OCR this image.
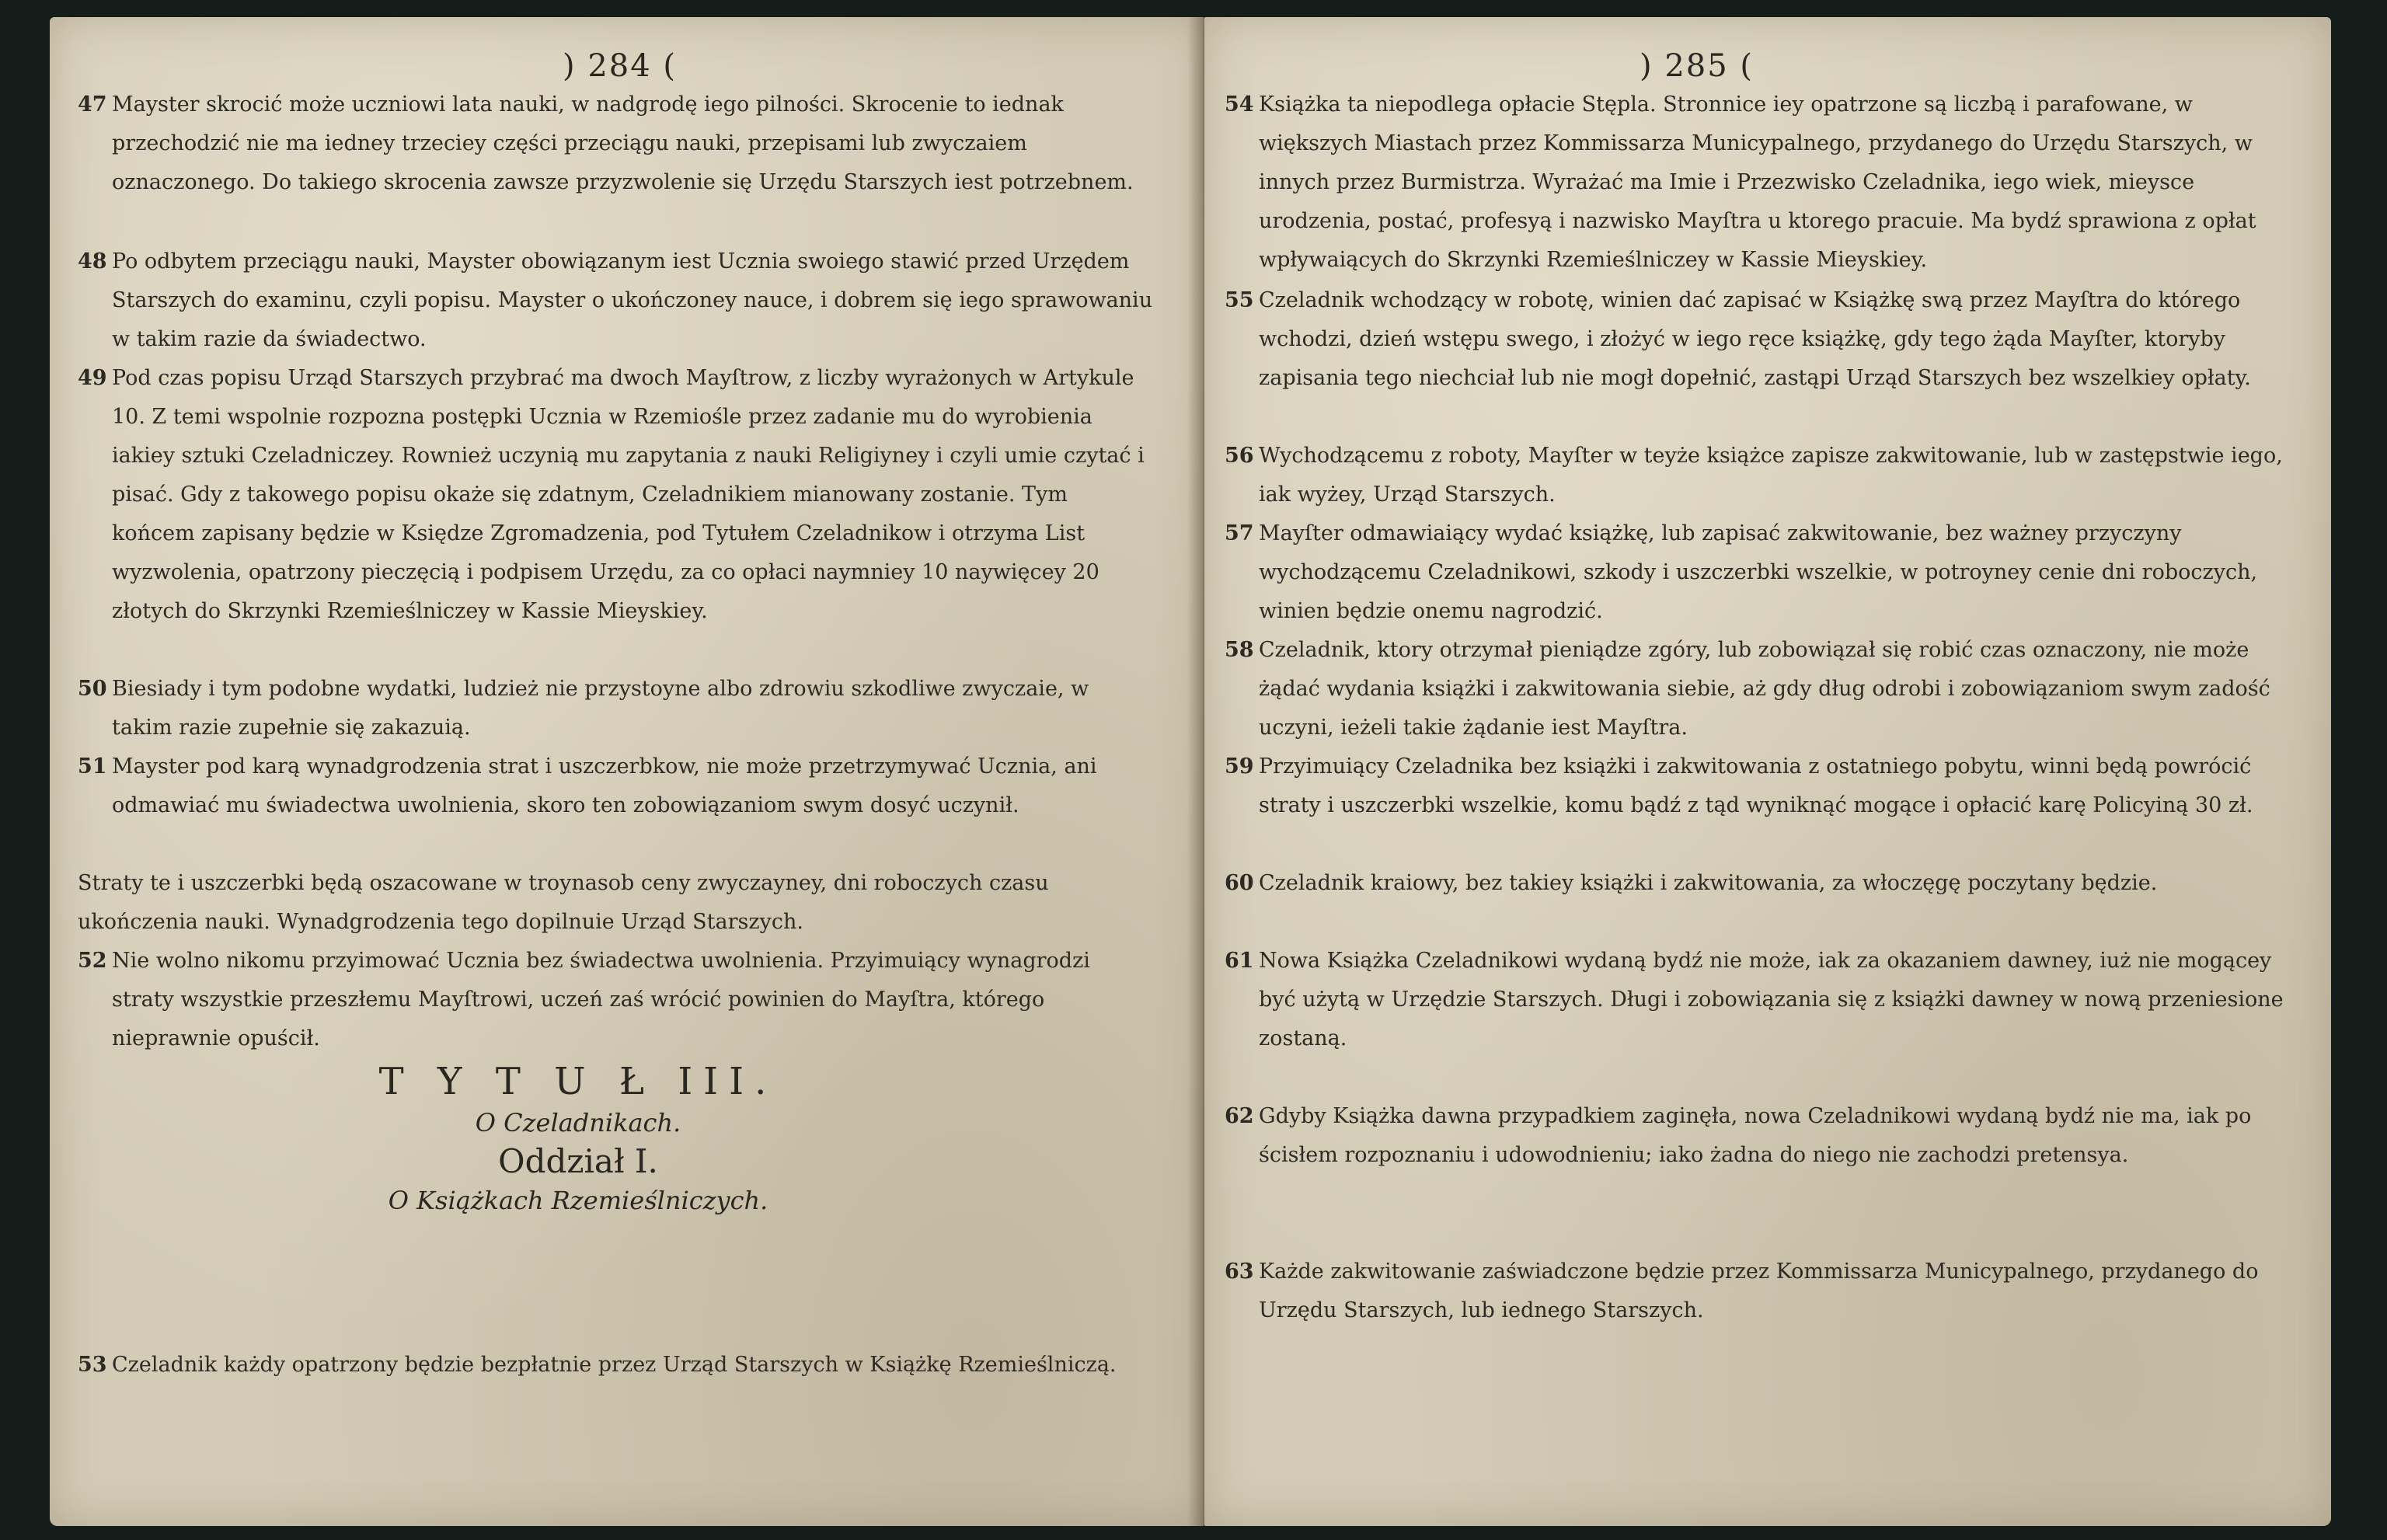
) 284 (
47 Mayster skrocić może uczniowi lata nauki, w nadgrodę iego pilności. Skrocenie to iednak przechodzić nie ma iedney trzeciey części przeciągu nauki, przepisami lub zwyczaiem oznaczonego. Do takiego skrocenia zawsze przyzwolenie się Urzędu Starszych iest potrzebnem.
48 Po odbytem przeciągu nauki, Mayster obowiązanym iest Ucznia swoiego stawić przed Urzędem Starszych do examinu, czyli popisu. Mayster o ukończoney nauce, i dobrem się iego sprawowaniu w takim razie da świadectwo.
49 Pod czas popisu Urząd Starszych przybrać ma dwoch Mayſtrow, z liczby wyrażonych w Artykule 10. Z temi wspolnie rozpozna postępki Ucznia w Rzemiośle przez zadanie mu do wyrobienia iakiey sztuki Czeladniczey. Rownież uczynią mu zapytania z nauki Religiyney i czyli umie czytać i pisać. Gdy z takowego popisu okaże się zdatnym, Czeladnikiem mianowany zostanie. Tym końcem zapisany będzie w Księdze Zgromadzenia, pod Tytułem Czeladnikow i otrzyma List wyzwolenia, opatrzony pieczęcią i podpisem Urzędu, za co opłaci naymniey 10 naywięcey 20 złotych do Skrzynki Rzemieślniczey w Kassie Mieyskiey.
50 Biesiady i tym podobne wydatki, ludzież nie przystoyne albo zdrowiu szkodliwe zwyczaie, w takim razie zupełnie się zakazuią.
51 Mayster pod karą wynadgrodzenia strat i uszczerbkow, nie może przetrzymywać Ucznia, ani odmawiać mu świadectwa uwolnienia, skoro ten zobowiązaniom swym dosyć uczynił.
Straty te i uszczerbki będą oszacowane w troynasob ceny zwyczayney, dni roboczych czasu ukończenia nauki. Wynadgrodzenia tego dopilnuie Urząd Starszych.
52 Nie wolno nikomu przyimować Ucznia bez świadectwa uwolnienia. Przyimuiący wynagrodzi straty wszystkie przeszłemu Mayſtrowi, uczeń zaś wrócić powinien do Mayſtra, którego nieprawnie opuścił.
T Y T U Ł III.
O Czeladnikach.
Oddział I.
O Książkach Rzemieślniczych.
53 Czeladnik każdy opatrzony będzie bezpłatnie przez Urząd Starszych w Książkę Rzemieślniczą.
) 285 (
54 Książka ta niepodlega opłacie Stępla. Stronnice iey opatrzone są liczbą i parafowane, w większych Miastach przez Kommissarza Municypalnego, przydanego do Urzędu Starszych, w innych przez Burmistrza. Wyrażać ma Imie i Przezwisko Czeladnika, iego wiek, mieysce urodzenia, postać, profesyą i nazwisko Mayſtra u ktorego pracuie. Ma bydź sprawiona z opłat wpływaiących do Skrzynki Rzemieślniczey w Kassie Mieyskiey.
55 Czeladnik wchodzący w robotę, winien dać zapisać w Książkę swą przez Mayſtra do którego wchodzi, dzień wstępu swego, i złożyć w iego ręce książkę, gdy tego żąda Mayſter, ktoryby zapisania tego niechciał lub nie mogł dopełnić, zastąpi Urząd Starszych bez wszelkiey opłaty.
56 Wychodzącemu z roboty, Mayſter w teyże książce zapisze zakwitowanie, lub w zastępstwie iego, iak wyżey, Urząd Starszych.
57 Mayſter odmawiaiący wydać książkę, lub zapisać zakwitowanie, bez ważney przyczyny wychodzącemu Czeladnikowi, szkody i uszczerbki wszelkie, w potroyney cenie dni roboczych, winien będzie onemu nagrodzić.
58 Czeladnik, ktory otrzymał pieniądze zgóry, lub zobowiązał się robić czas oznaczony, nie może żądać wydania książki i zakwitowania siebie, aż gdy dług odrobi i zobowiązaniom swym zadość uczyni, ieżeli takie żądanie iest Mayſtra.
59 Przyimuiący Czeladnika bez książki i zakwitowania z ostatniego pobytu, winni będą powrócić straty i uszczerbki wszelkie, komu bądź z tąd wyniknąć mogące i opłacić karę Policyiną 30 zł.
60 Czeladnik kraiowy, bez takiey książki i zakwitowania, za włoczęgę poczytany będzie.
61 Nowa Książka Czeladnikowi wydaną bydź nie może, iak za okazaniem dawney, iuż nie mogącey być użytą w Urzędzie Starszych. Długi i zobowiązania się z książki dawney w nową przeniesione zostaną.
62 Gdyby Książka dawna przypadkiem zaginęła, nowa Czeladnikowi wydaną bydź nie ma, iak po ścisłem rozpoznaniu i udowodnieniu; iako żadna do niego nie zachodzi pretensya.
63 Każde zakwitowanie zaświadczone będzie przez Kommissarza Municypalnego, przydanego do Urzędu Starszych, lub iednego Starszych.
